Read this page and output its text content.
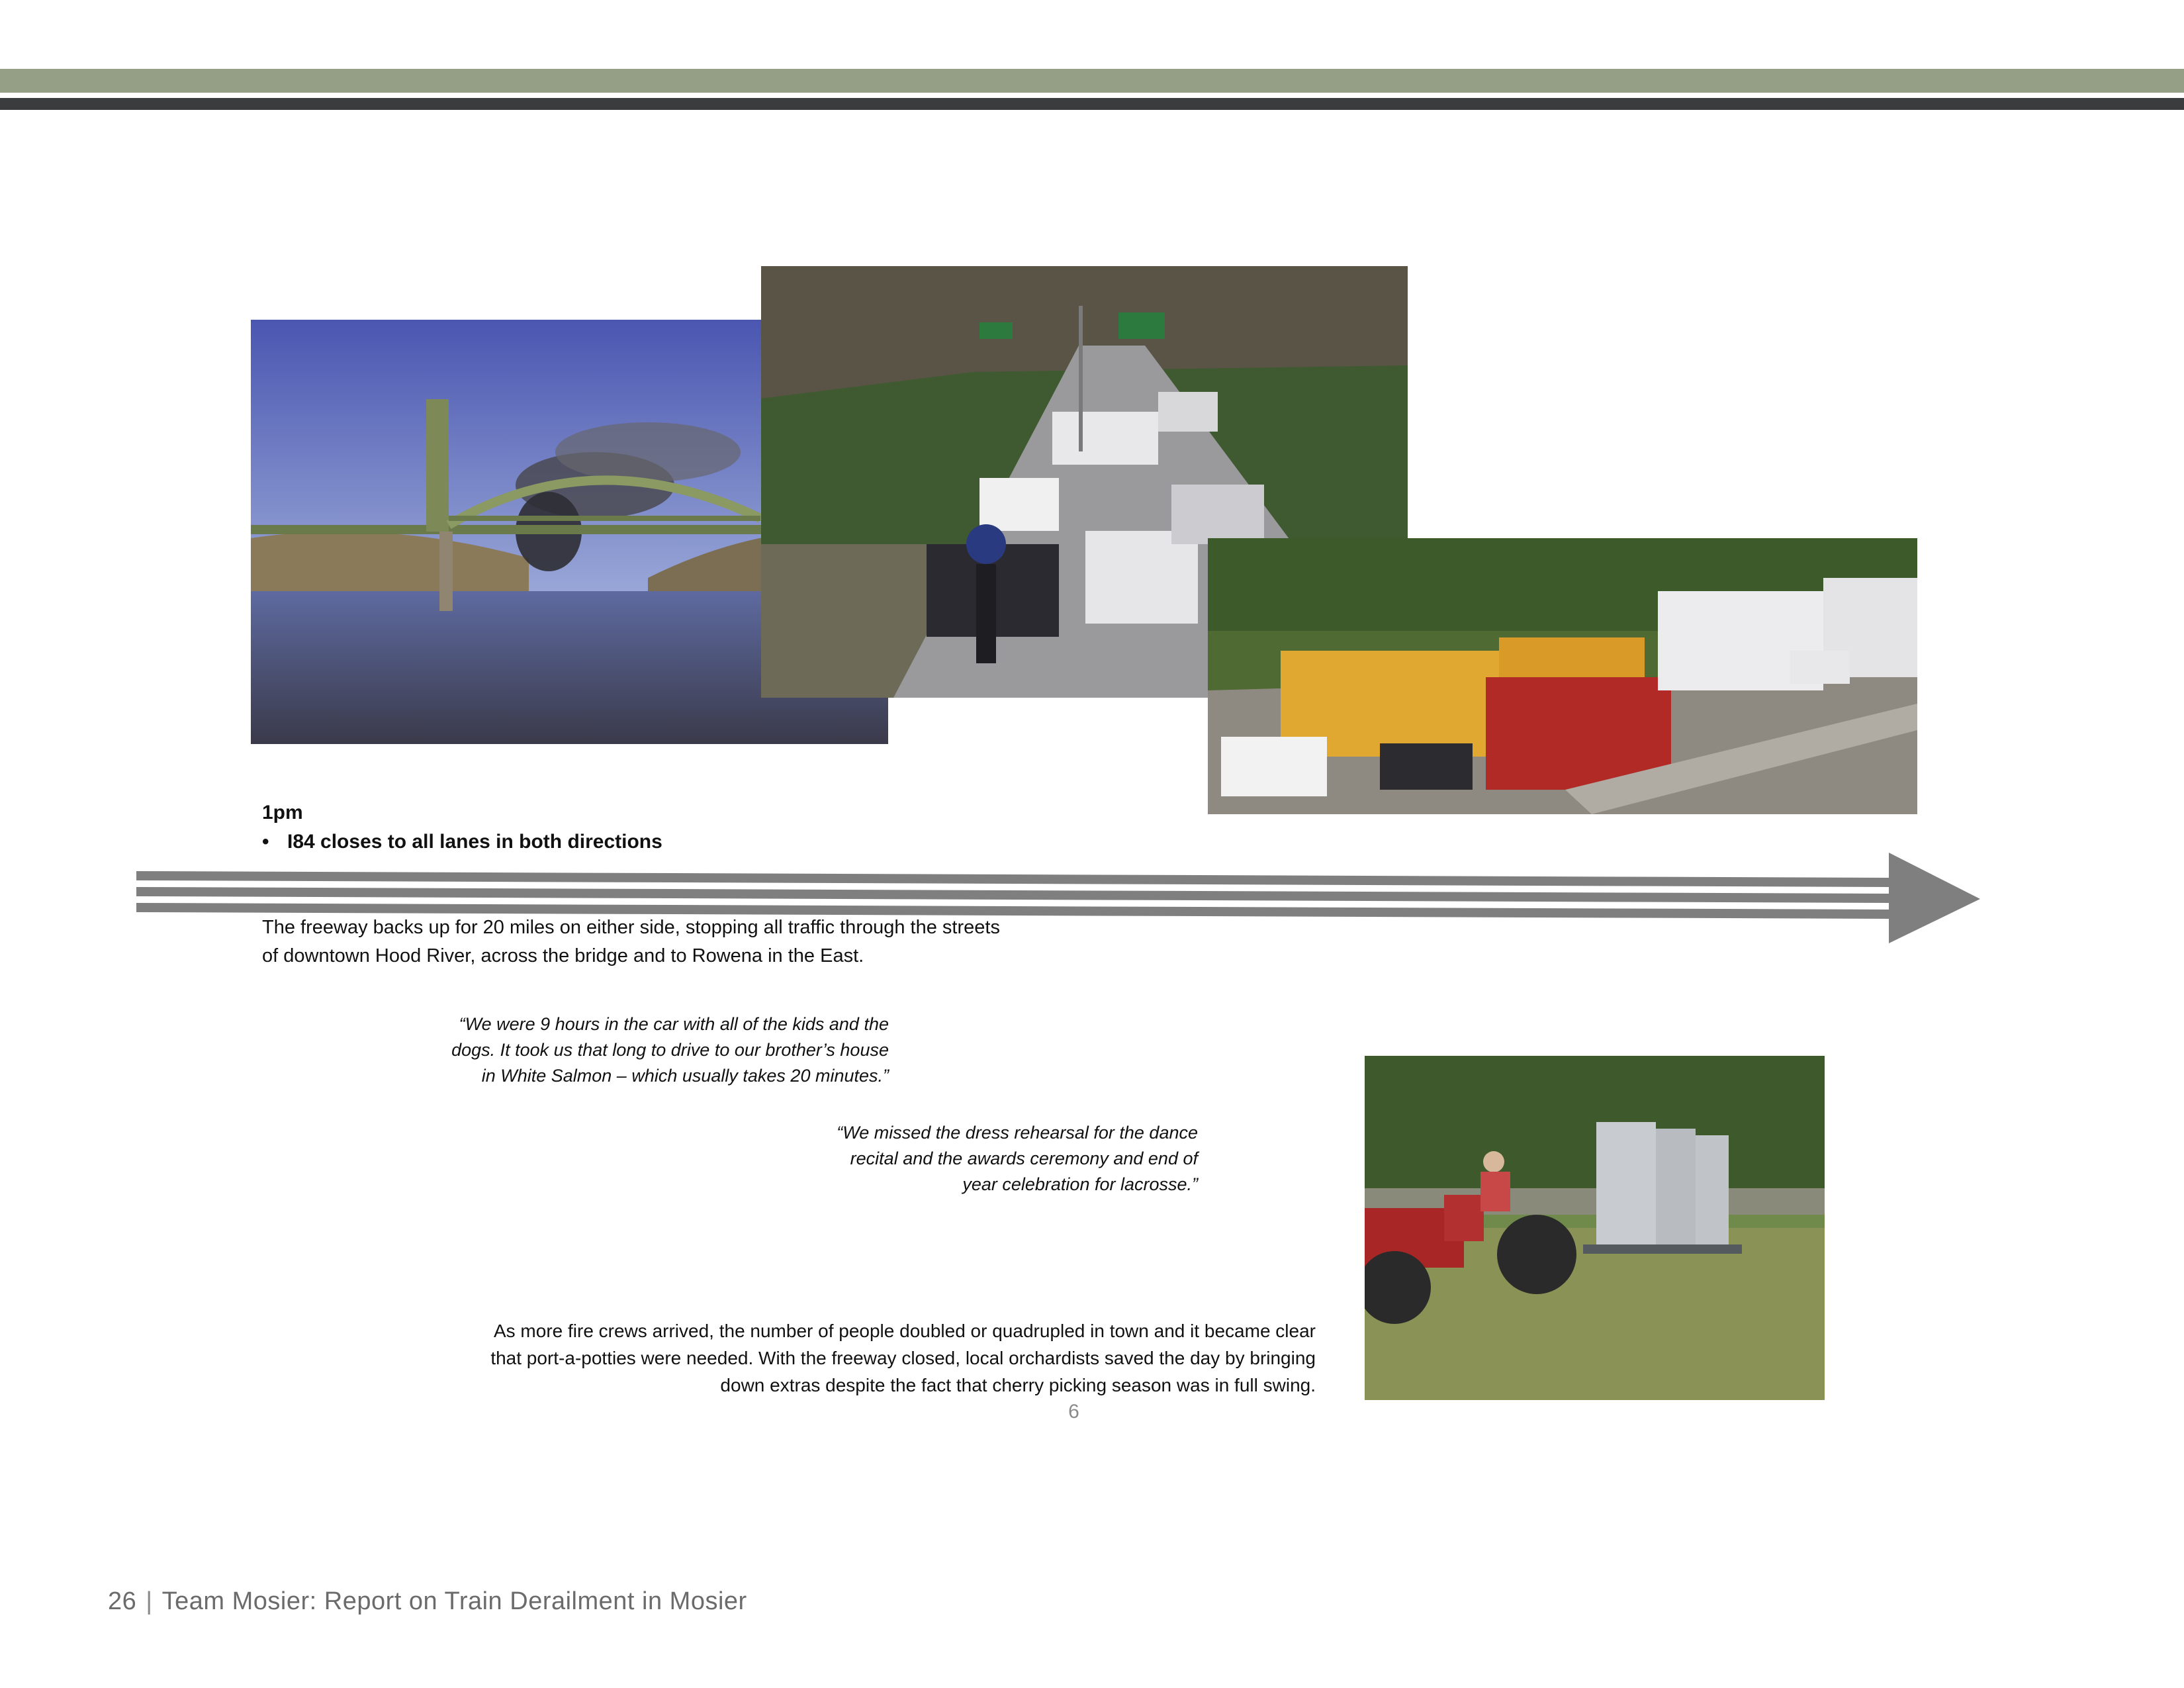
1pm
• I84 closes to all lanes in both directions
The freeway backs up for 20 miles on either side, stopping all traffic through the streets
of downtown Hood River, across the bridge and to Rowena in the East.
“We were 9 hours in the car with all of the kids and the
dogs. It took us that long to drive to our brother’s house
in White Salmon – which usually takes 20 minutes.”
“We missed the dress rehearsal for the dance
recital and the awards ceremony and end of
year celebration for lacrosse.”
As more fire crews arrived, the number of people doubled or quadrupled in town and it became clear
that port-a-potties were needed. With the freeway closed, local orchardists saved the day by bringing
down extras despite the fact that cherry picking season was in full swing.
6
26 | Team Mosier: Report on Train Derailment in Mosier
